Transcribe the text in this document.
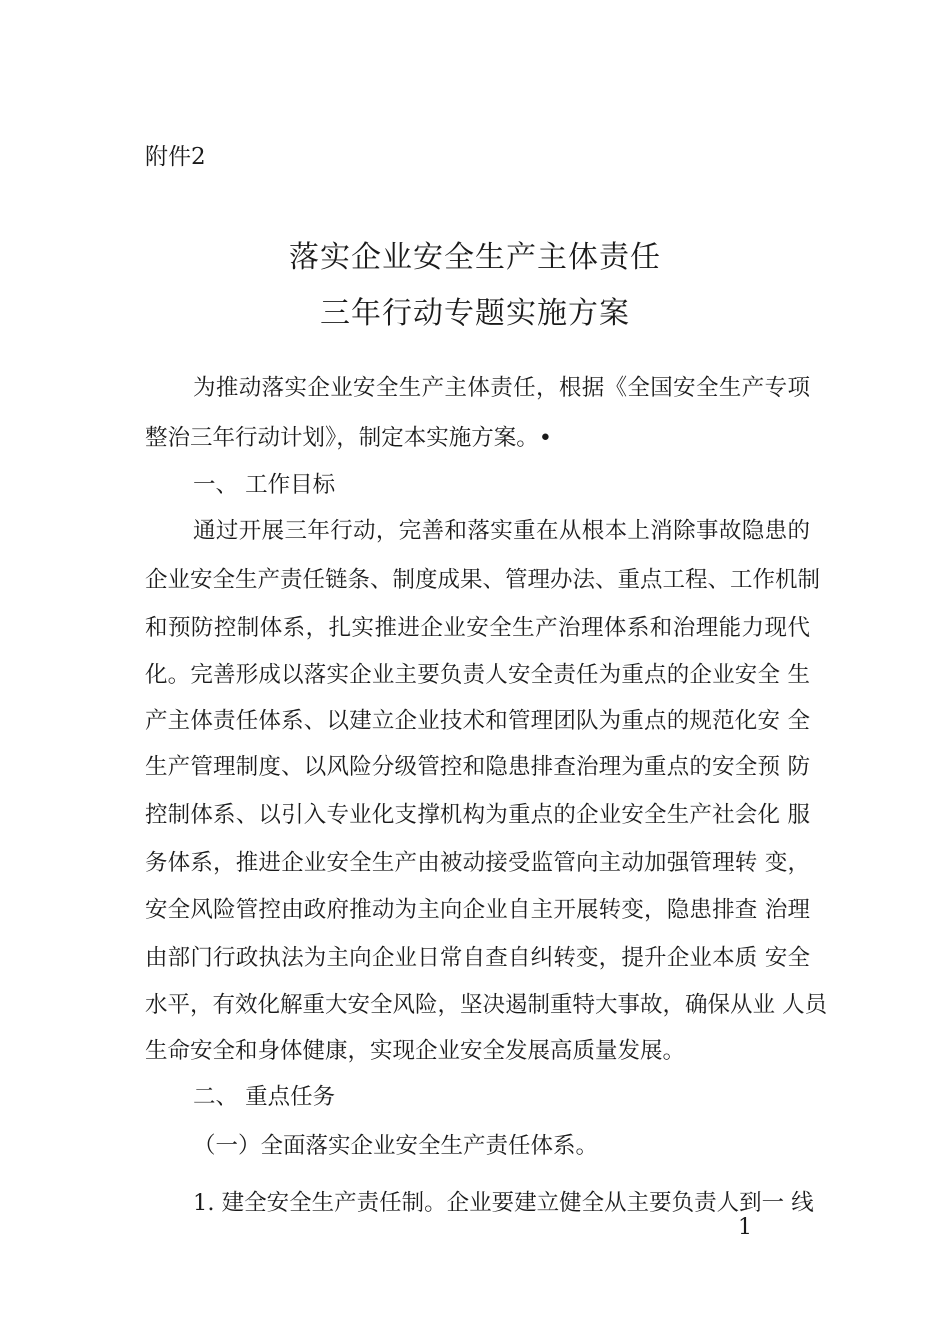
附件2
落实企业安全生产主体责任
三年行动专题实施方案
为推动落实企业安全生产主体责任，根据《全国安全生产专项
整治三年行动计划》，制定本实施方案。•
一、 工作目标
通过开展三年行动，完善和落实重在从根本上消除事故隐患的
企业安全生产责任链条、制度成果、管理办法、重点工程、工作机制
和预防控制体系，扎实推进企业安全生产治理体系和治理能力现代
化。完善形成以落实企业主要负责人安全责任为重点的企业安全 生
产主体责任体系、以建立企业技术和管理团队为重点的规范化安 全
生产管理制度、以风险分级管控和隐患排查治理为重点的安全预 防
控制体系、以引入专业化支撑机构为重点的企业安全生产社会化 服
务体系，推进企业安全生产由被动接受监管向主动加强管理转 变，
安全风险管控由政府推动为主向企业自主开展转变，隐患排查 治理
由部门行政执法为主向企业日常自查自纠转变，提升企业本质 安全
水平，有效化解重大安全风险，坚决遏制重特大事故，确保从业 人员
生命安全和身体健康，实现企业安全发展高质量发展。
二、 重点任务
（一）全面落实企业安全生产责任体系。
1. 建全安全生产责任制。企业要建立健全从主要负责人到一 线
1
